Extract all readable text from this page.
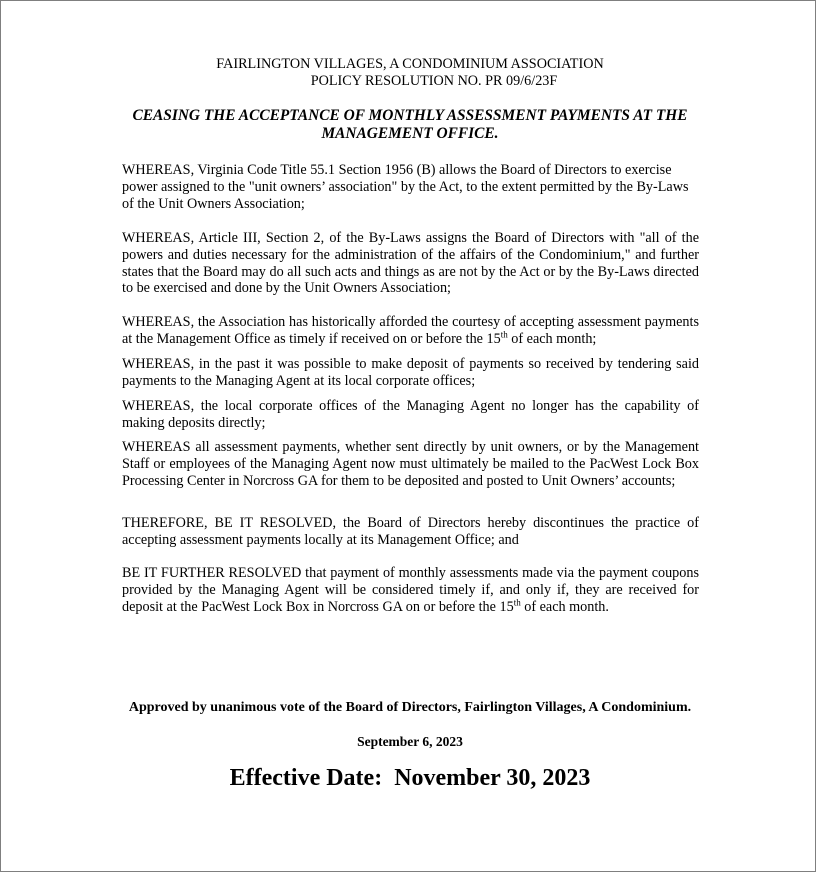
FAIRLINGTON VILLAGES, A CONDOMINIUM ASSOCIATION
POLICY RESOLUTION NO. PR 09/6/23F
CEASING THE ACCEPTANCE OF MONTHLY ASSESSMENT PAYMENTS AT THE MANAGEMENT OFFICE.
WHEREAS, Virginia Code Title 55.1 Section 1956 (B) allows the Board of Directors to exercise power assigned to the "unit owners’ association" by the Act, to the extent permitted by the By-Laws of the Unit Owners Association;
WHEREAS, Article III, Section 2, of the By-Laws assigns the Board of Directors with "all of the powers and duties necessary for the administration of the affairs of the Condominium," and further states that the Board may do all such acts and things as are not by the Act or by the By-Laws directed to be exercised and done by the Unit Owners Association;
WHEREAS, the Association has historically afforded the courtesy of accepting assessment payments at the Management Office as timely if received on or before the 15th of each month;
WHEREAS, in the past it was possible to make deposit of payments so received by tendering said payments to the Managing Agent at its local corporate offices;
WHEREAS, the local corporate offices of the Managing Agent no longer has the capability of making deposits directly;
WHEREAS all assessment payments, whether sent directly by unit owners, or by the Management Staff or employees of the Managing Agent now must ultimately be mailed to the PacWest Lock Box Processing Center in Norcross GA for them to be deposited and posted to Unit Owners’ accounts;
THEREFORE, BE IT RESOLVED, the Board of Directors hereby discontinues the practice of accepting assessment payments locally at its Management Office; and
BE IT FURTHER RESOLVED that payment of monthly assessments made via the payment coupons provided by the Managing Agent will be considered timely if, and only if, they are received for deposit at the PacWest Lock Box in Norcross GA on or before the 15th of each month.
Approved by unanimous vote of the Board of Directors, Fairlington Villages, A Condominium.
September 6, 2023
Effective Date:  November 30, 2023
